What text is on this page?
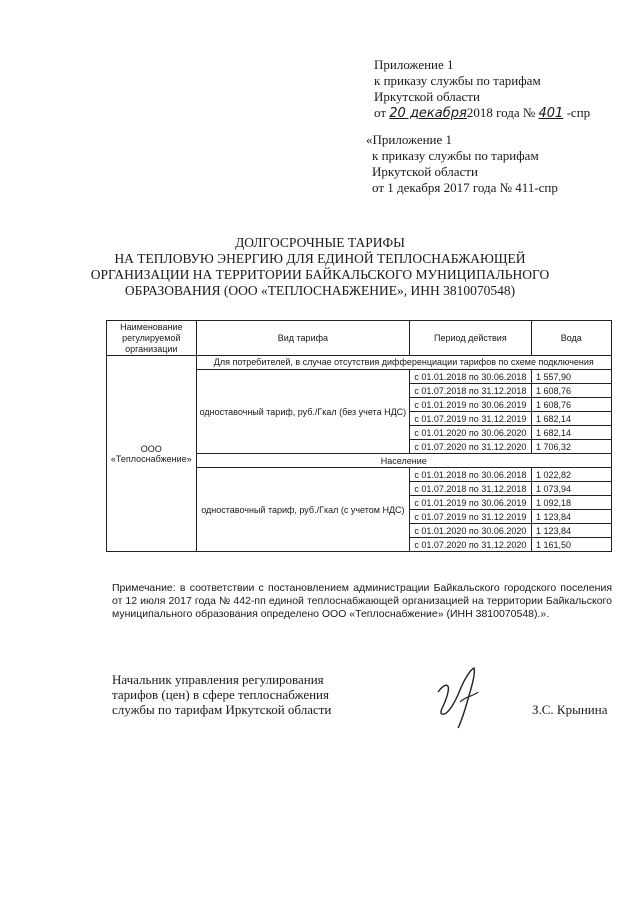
Приложение 1
к приказу службы по тарифам
Иркутской области
от 20 декабря2018 года № 401 -спр
«Приложение 1
к приказу службы по тарифам
Иркутской области
от 1 декабря 2017 года № 411-спр
ДОЛГОСРОЧНЫЕ ТАРИФЫ
НА ТЕПЛОВУЮ ЭНЕРГИЮ ДЛЯ ЕДИНОЙ ТЕПЛОСНАБЖАЮЩЕЙ
ОРГАНИЗАЦИИ НА ТЕРРИТОРИИ БАЙКАЛЬСКОГО МУНИЦИПАЛЬНОГО
ОБРАЗОВАНИЯ (ООО «ТЕПЛОСНАБЖЕНИЕ», ИНН 3810070548)
Наименование регулируемой организации	Вид тарифа	Период действия	Вода
ООО «Теплоснабжение»	Для потребителей, в случае отсутствия дифференциации тарифов по схеме подключения		
	одноставочный тариф, руб./Гкал (без учета НДС)	с 01.01.2018 по 30.06.2018	1 557,90
		с 01.07.2018 по 31.12.2018	1 608,76
		с 01.01.2019 по 30.06.2019	1 608,76
		с 01.07.2019 по 31.12.2019	1 682,14
		с 01.01.2020 по 30.06.2020	1 682,14
		с 01.07.2020 по 31.12.2020	1 706,32
	Население		
	одноставочный тариф, руб./Гкал (с учетом НДС)	с 01.01.2018 по 30.06.2018	1 022,82
		с 01.07.2018 по 31.12.2018	1 073,94
		с 01.01.2019 по 30.06.2019	1 092,18
		с 01.07.2019 по 31.12.2019	1 123,84
		с 01.01.2020 по 30.06.2020	1 123,84
		с 01.07.2020 по 31.12.2020	1 161,50
Примечание: в соответствии с постановлением администрации Байкальского городского поселения от 12 июля 2017 года № 442-пп единой теплоснабжающей организацией на территории Байкальского муниципального образования определено ООО «Теплоснабжение» (ИНН 3810070548).».
Начальник управления регулирования
тарифов (цен) в сфере теплоснабжения
службы по тарифам Иркутской области	З.С. Крынина
